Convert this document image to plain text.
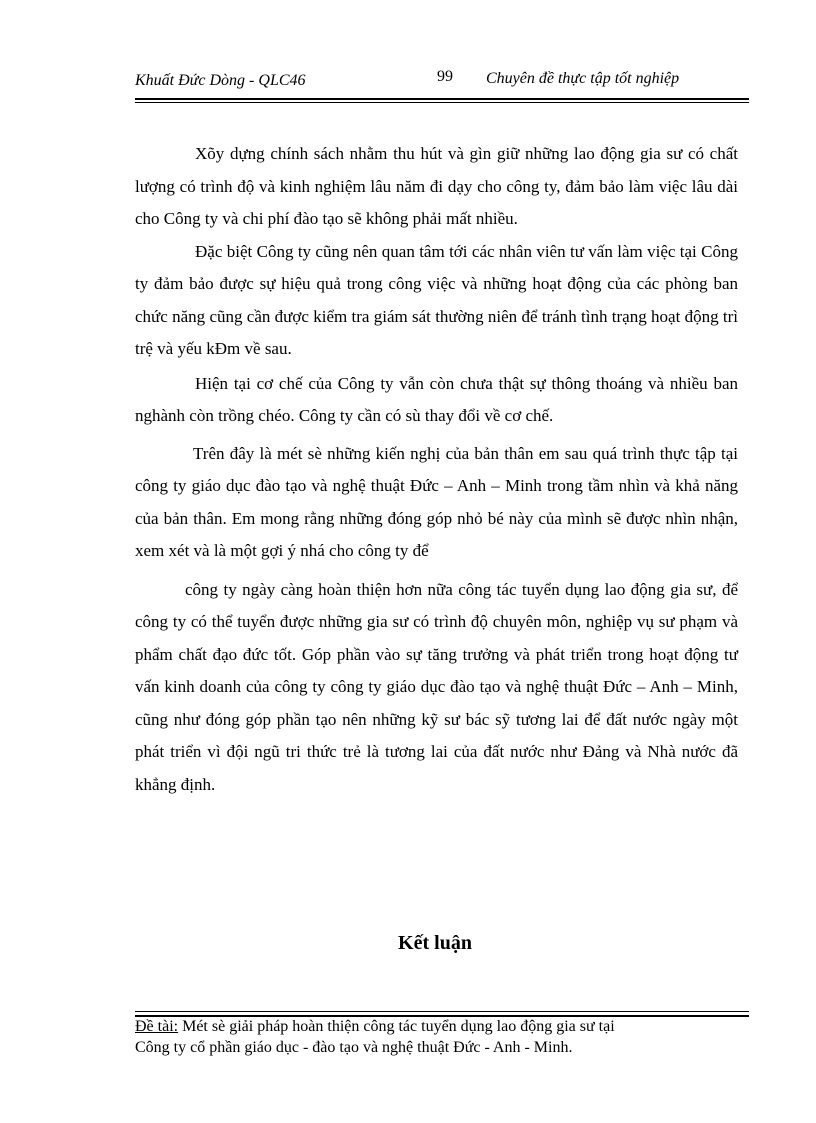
Khuất Đức Dòng - QLC46	99 Chuyên đề thực tập tốt nghiệp

Xõy dựng chính sách nhằm thu hút và gìn giữ những lao động gia sư có chất lượng có trình độ và kinh nghiệm lâu năm đi dạy cho công ty, đảm bảo làm việc lâu dài cho Công ty và chi phí đào tạo sẽ không phải mất nhiều.

Đặc biệt Công ty cũng nên quan tâm tới các nhân viên tư vấn làm việc tại Công ty đảm bảo được sự hiệu quả trong công việc và những hoạt động của các phòng ban chức năng cũng cần được kiểm tra giám sát thường niên để tránh tình trạng hoạt động trì trệ và yếu kÐm về sau.

Hiện tại cơ chế của Công ty vẫn còn chưa thật sự thông thoáng và nhiều ban nghành còn trồng chéo. Công ty cần có sù thay đổi về cơ chế.

Trên đây là mét sè những kiến nghị của bản thân em sau quá trình thực tập tại công ty giáo dục đào tạo và nghệ thuật Đức – Anh – Minh trong tầm nhìn và khả năng của bản thân. Em mong rằng những đóng góp nhỏ bé này của mình sẽ được nhìn nhận, xem xét và là một gợi ý nhá cho công ty để

công ty ngày càng hoàn thiện hơn nữa công tác tuyển dụng lao động gia sư, để công ty có thể tuyển được những gia sư có trình độ chuyên môn, nghiệp vụ sư phạm và phẩm chất đạo đức tốt. Góp phần vào sự tăng trưởng và phát triển trong hoạt động tư vấn kinh doanh của công ty công ty giáo dục đào tạo và nghệ thuật Đức – Anh – Minh, cũng như đóng góp phần tạo nên những kỹ sư bác sỹ tương lai để đất nước ngày một phát triển vì đội ngũ tri thức trẻ là tương lai của đất nước như Đảng và Nhà nước đã khẳng định.

Kết luận
Đề tài: Mét sè giải pháp hoàn thiện công tác tuyển dụng lao động gia sư tại
Công ty cổ phần giáo dục - đào tạo và nghệ thuật Đức - Anh - Minh.
